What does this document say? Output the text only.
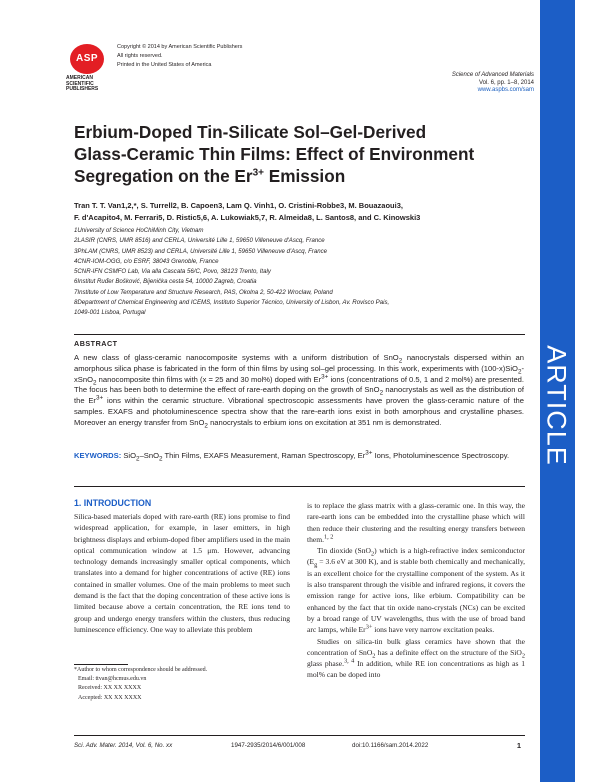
ASP
AMERICAN
SCIENTIFIC
PUBLISHERS
Copyright © 2014 by American Scientific Publishers
All rights reserved.
Printed in the United States of America
Science of Advanced Materials
Vol. 6, pp. 1–8, 2014
www.aspbs.com/sam
ARTICLE
Erbium-Doped Tin-Silicate Sol–Gel-Derived
Glass-Ceramic Thin Films: Effect of Environment
Segregation on the $Er^{3+}$ Emission
Tran T. T. Van1,2,*, S. Turrell2, B. Capoen3, Lam Q. Vinh1, O. Cristini-Robbe3, M. Bouazaoui3,
F. d'Acapito4, M. Ferrari5, D. Ristic5,6, A. Lukowiak5,7, R. Almeida8, L. Santos8, and C. Kinowski3
1University of Science HoChiMinh City, Vietnam
2LASIR (CNRS, UMR 8516) and CERLA, Université Lille 1, 59650 Villeneuve d'Ascq, France
3PhLAM (CNRS, UMR 8523) and CERLA, Université Lille 1, 59650 Villeneuve d'Ascq, France
4CNR-IOM-OGG, c/o ESRF, 38043 Grenoble, France
5CNR-IFN CSMFO Lab, Via alla Cascata 56/C, Povo, 38123 Trento, Italy
6Institut Ruđer Bošković, Bijenička cesta 54, 10000 Zagreb, Croatia
7Institute of Low Temperature and Structure Research, PAS, Okolna 2, 50-422 Wroclaw, Poland
8Department of Chemical Engineering and ICEMS, Instituto Superior Técnico, University of Lisbon, Av. Rovisco Pais,
1049-001 Lisboa, Portugal
ABSTRACT
A new class of glass-ceramic nanocomposite systems with a uniform distribution of SnO$_2$ nanocrystals dispersed within an amorphous silica phase is fabricated in the form of thin films by using sol–gel processing. In this work, experiments with (100-x)SiO$_2$-xSnO$_2$ nanocomposite thin films with (x = 25 and 30 mol%) doped with $Er^{3+}$ ions (concentrations of 0.5, 1 and 2 mol%) are presented. The focus has been both to determine the effect of rare-earth doping on the growth of SnO$_2$ nanocrystals as well as the distribution of the $Er^{3+}$ ions within the ceramic structure. Vibrational spectroscopic assessments have proven the glass-ceramic nature of the samples. EXAFS and photoluminescence spectra show that the rare-earth ions exist in both amorphous and crystalline phases. Moreover an energy transfer from SnO$_2$ nanocrystals to erbium ions on excitation at 351 nm is demonstrated.
KEYWORDS: SiO$_2$–SnO$_2$ Thin Films, EXAFS Measurement, Raman Spectroscopy, $Er^{3+}$ Ions, Photoluminescence Spectroscopy.
1. INTRODUCTION
Silica-based materials doped with rare-earth (RE) ions promise to find widespread application, for example, in laser emitters, in high brightness displays and erbium-doped fiber amplifiers used in the main optical communication window at 1.5 μm. However, advancing technology demands increasingly smaller optical components, which translates into a demand for higher concentrations of active (RE) ions contained in smaller volumes. One of the main problems to meet such demand is the fact that the doping concentration of these active ions is limited because above a certain concentration, the RE ions tend to group and undergo energy transfers within the clusters, thus reducing luminescence efficiency. One way to alleviate this problem
is to replace the glass matrix with a glass-ceramic one. In this way, the rare-earth ions can be embedded into the crystalline phase which will then reduce their clustering and the resulting energy transfers between them.$^{1, 2}$
Tin dioxide (SnO$_2$) which is a high-refractive index semiconductor ($E_g = 3.6$ eV at 300 K), and is stable both chemically and mechanically, is an excellent choice for the crystalline component of the system. As it is also transparent through the visible and infrared regions, it covers the emission range for active ions, like erbium. Compatibility can be enhanced by the fact that tin oxide nano-crystals (NCs) can be excited by a broad range of UV wavelengths, thus with the use of broad band arc lamps, while $Er^{3+}$ ions have very narrow excitation peaks.
Studies on silica-tin bulk glass ceramics have shown that the concentration of SnO$_2$ has a definite effect on the structure of the SiO$_2$ glass phase.$^{3, 4}$ In addition, while RE ion concentrations as high as 1 mol% can be doped into
*Author to whom correspondence should be addressed.
Email: ttvan@hcmus.edu.vn
Received: XX XX XXXX
Accepted: XX XX XXXX
Sci. Adv. Mater. 2014, Vol. 6, No. xx	1947-2935/2014/6/001/008	doi:10.1166/sam.2014.2022	1
